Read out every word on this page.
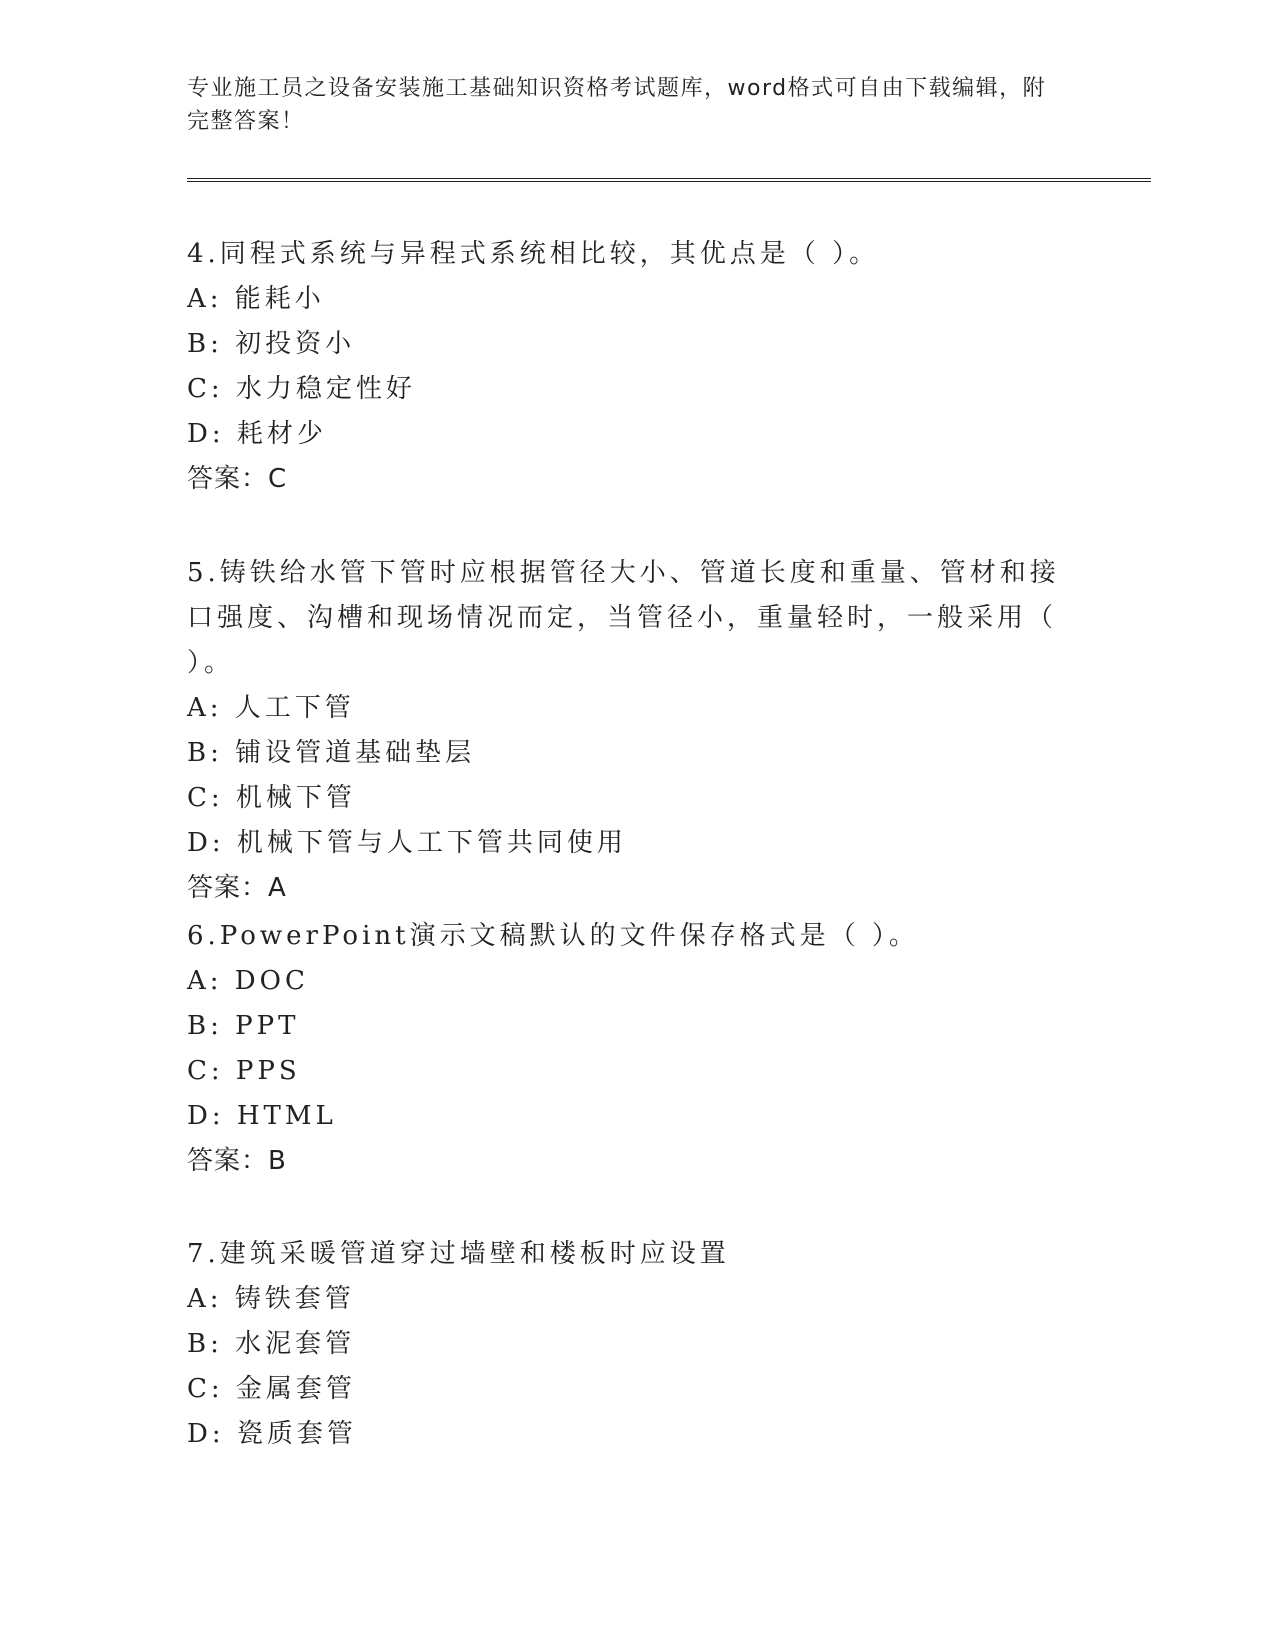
专业施工员之设备安装施工基础知识资格考试题库，word格式可自由下载编辑，附完整答案！
4.同程式系统与异程式系统相比较，其优点是（ ）。
A: 能耗小
B: 初投资小
C: 水力稳定性好
D: 耗材少
答案：C
5.铸铁给水管下管时应根据管径大小、管道长度和重量、管材和接口强度、沟槽和现场情况而定，当管径小，重量轻时，一般采用（ ）。
A: 人工下管
B: 铺设管道基础垫层
C: 机械下管
D: 机械下管与人工下管共同使用
答案：A
6.PowerPoint演示文稿默认的文件保存格式是（ ）。
A: DOC
B: PPT
C: PPS
D: HTML
答案：B
7.建筑采暖管道穿过墙壁和楼板时应设置
A: 铸铁套管
B: 水泥套管
C: 金属套管
D: 瓷质套管
